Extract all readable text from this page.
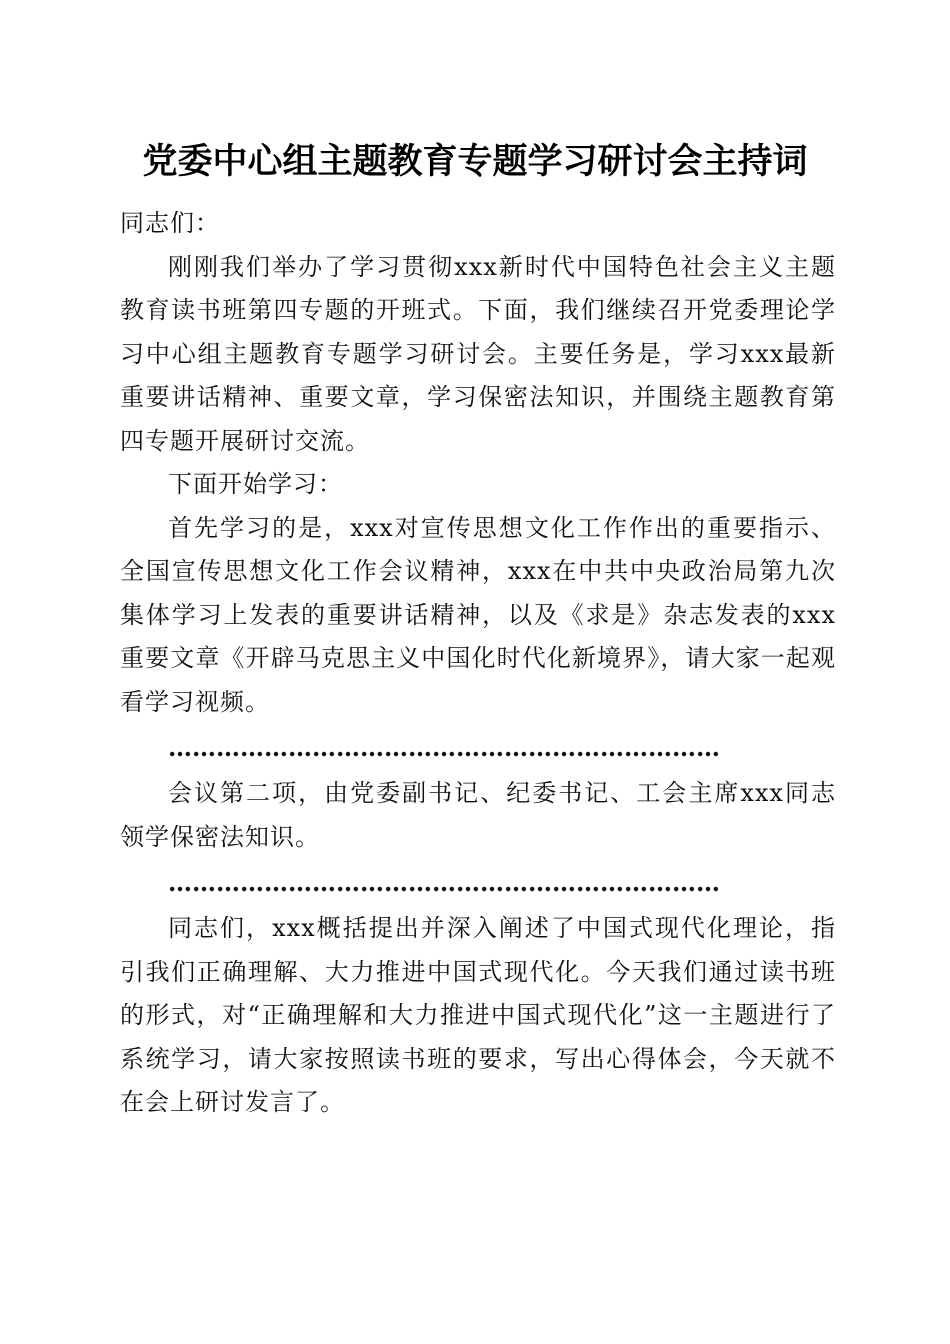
党委中心组主题教育专题学习研讨会主持词

同志们：

刚刚我们举办了学习贯彻xxx新时代中国特色社会主义主题教育读书班第四专题的开班式。下面，我们继续召开党委理论学习中心组主题教育专题学习研讨会。主要任务是，学习xxx最新重要讲话精神、重要文章，学习保密法知识，并围绕主题教育第四专题开展研讨交流。

下面开始学习：

首先学习的是，xxx对宣传思想文化工作作出的重要指示、全国宣传思想文化工作会议精神，xxx在中共中央政治局第九次集体学习上发表的重要讲话精神，以及《求是》杂志发表的xxx重要文章《开辟马克思主义中国化时代化新境界》，请大家一起观看学习视频。

……………………………………………………………

会议第二项，由党委副书记、纪委书记、工会主席xxx同志领学保密法知识。

……………………………………………………………

同志们，xxx概括提出并深入阐述了中国式现代化理论，指引我们正确理解、大力推进中国式现代化。今天我们通过读书班的形式，对“正确理解和大力推进中国式现代化”这一主题进行了系统学习，请大家按照读书班的要求，写出心得体会，今天就不在会上研讨发言了。
